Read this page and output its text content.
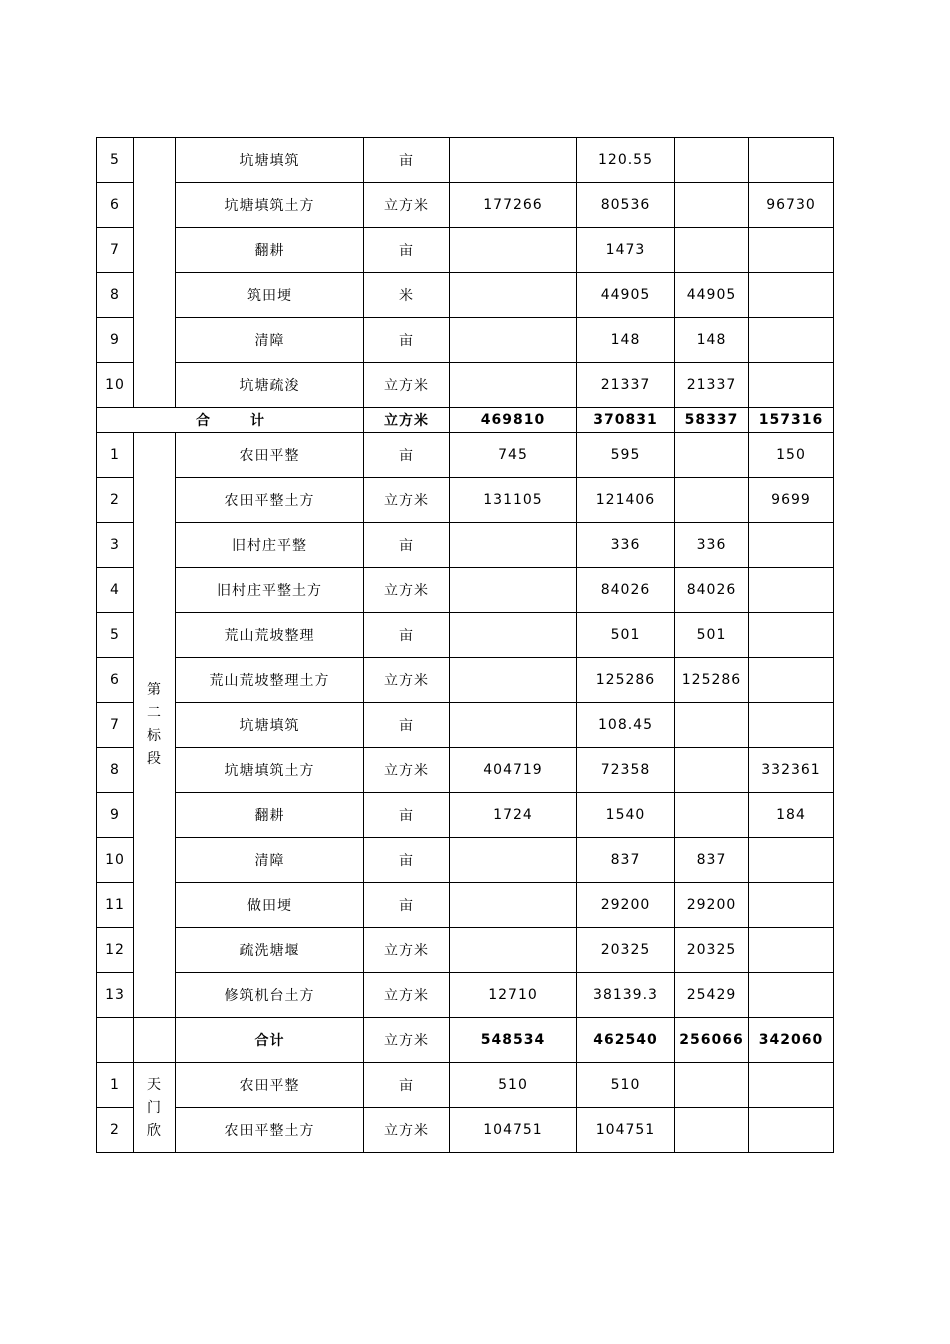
5		坑塘填筑	亩		120.55		
6		坑塘填筑土方	立方米	177266	80536		96730
7		翻耕	亩		1473		
8		筑田埂	米		44905	44905	
9		清障	亩		148	148	
10		坑塘疏浚	立方米		21337	21337	
合计			立方米	469810	370831	58337	157316
1	第
二
标
段	农田平整	亩	745	595		150
2		农田平整土方	立方米	131105	121406		9699
3		旧村庄平整	亩		336	336	
4		旧村庄平整土方	立方米		84026	84026	
5		荒山荒坡整理	亩		501	501	
6		荒山荒坡整理土方	立方米		125286	125286	
7		坑塘填筑	亩		108.45		
8		坑塘填筑土方	立方米	404719	72358		332361
9		翻耕	亩	1724	1540		184
10		清障	亩		837	837	
11		做田埂	亩		29200	29200	
12		疏洗塘堰	立方米		20325	20325	
13		修筑机台土方	立方米	12710	38139.3	25429	
		合计	立方米	548534	462540	256066	342060
1	天
门
欣	农田平整	亩	510	510		
2		农田平整土方	立方米	104751	104751		
